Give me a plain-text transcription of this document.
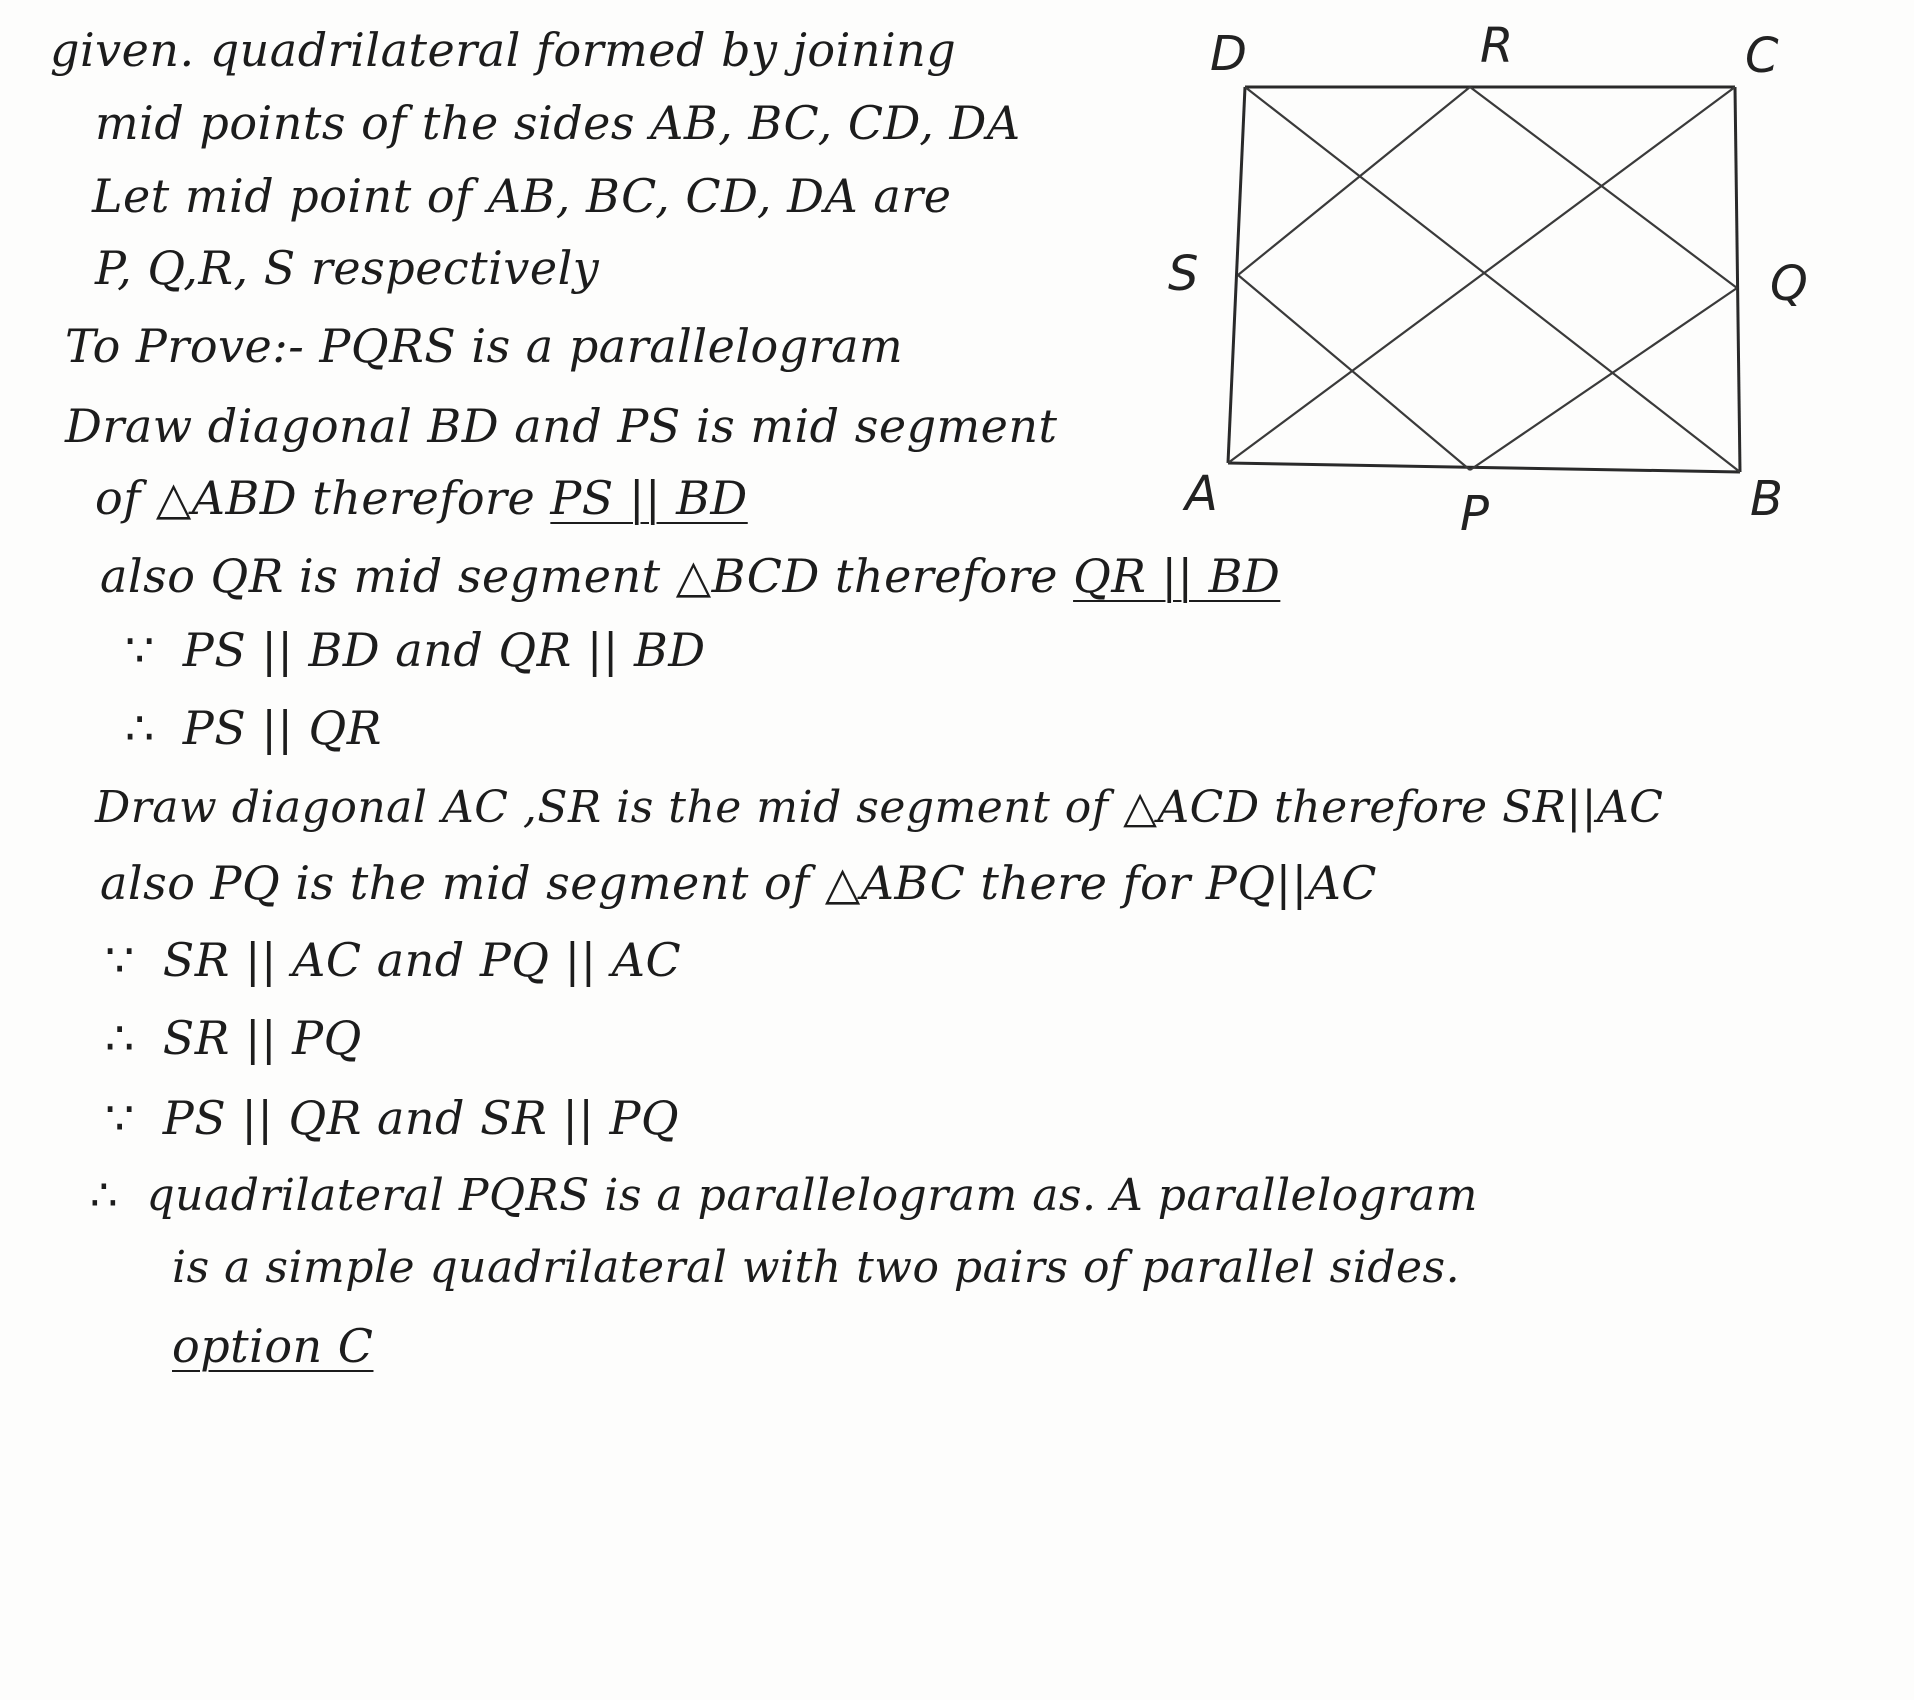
given. quadrilateral formed by joining
mid points of the sides AB, BC, CD, DA
Let mid point of AB, BC, CD, DA are
P, Q,R, S respectively
To Prove:- PQRS is a parallelogram
Draw diagonal BD and PS is mid segment
of △ABD therefore PS || BD
also QR is mid segment △BCD therefore QR || BD
∵ PS || BD and QR || BD
∴ PS || QR
Draw diagonal AC ,SR is the mid segment of △ACD therefore SR||AC
also PQ is the mid segment of △ABC there for PQ||AC
∵ SR || AC and PQ || AC
∴ SR || PQ
∵ PS || QR and SR || PQ
∴ quadrilateral PQRS is a parallelogram as. A parallelogram
is a simple quadrilateral with two pairs of parallel sides.
option C
D	C
A	B
R
Q
P
S
